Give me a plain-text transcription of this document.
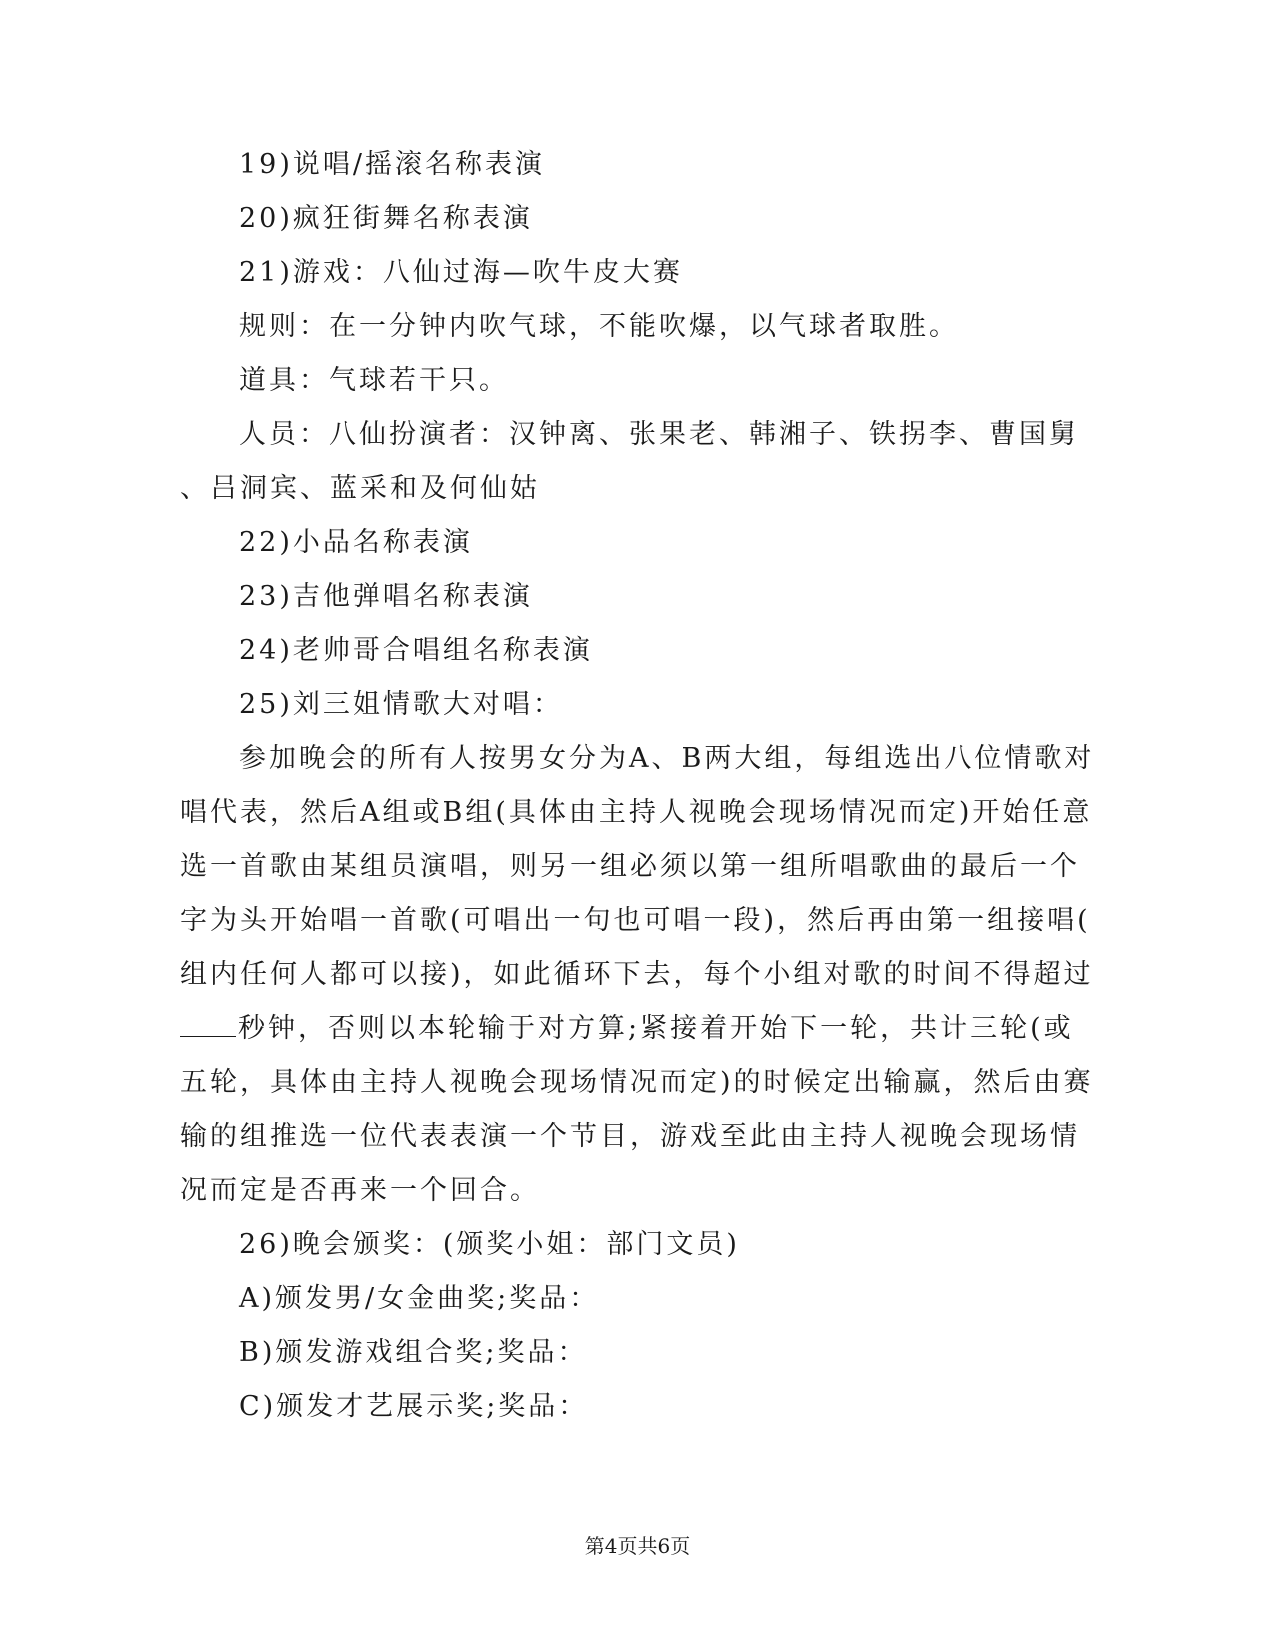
19)说唱/摇滚名称表演
20)疯狂街舞名称表演
21)游戏：八仙过海—吹牛皮大赛
规则：在一分钟内吹气球，不能吹爆，以气球者取胜。
道具：气球若干只。
人员：八仙扮演者：汉钟离、张果老、韩湘子、铁拐李、曹国舅
、吕洞宾、蓝采和及何仙姑
22)小品名称表演
23)吉他弹唱名称表演
24)老帅哥合唱组名称表演
25)刘三姐情歌大对唱：
参加晚会的所有人按男女分为A、B两大组，每组选出八位情歌对
唱代表，然后A组或B组(具体由主持人视晚会现场情况而定)开始任意
选一首歌由某组员演唱，则另一组必须以第一组所唱歌曲的最后一个
字为头开始唱一首歌(可唱出一句也可唱一段)，然后再由第一组接唱(
组内任何人都可以接)，如此循环下去，每个小组对歌的时间不得超过
秒钟，否则以本轮输于对方算;紧接着开始下一轮，共计三轮(或
五轮，具体由主持人视晚会现场情况而定)的时候定出输赢，然后由赛
输的组推选一位代表表演一个节目，游戏至此由主持人视晚会现场情
况而定是否再来一个回合。
26)晚会颁奖：(颁奖小姐：部门文员)
A)颁发男/女金曲奖;奖品：
B)颁发游戏组合奖;奖品：
C)颁发才艺展示奖;奖品：
第4页共6页
